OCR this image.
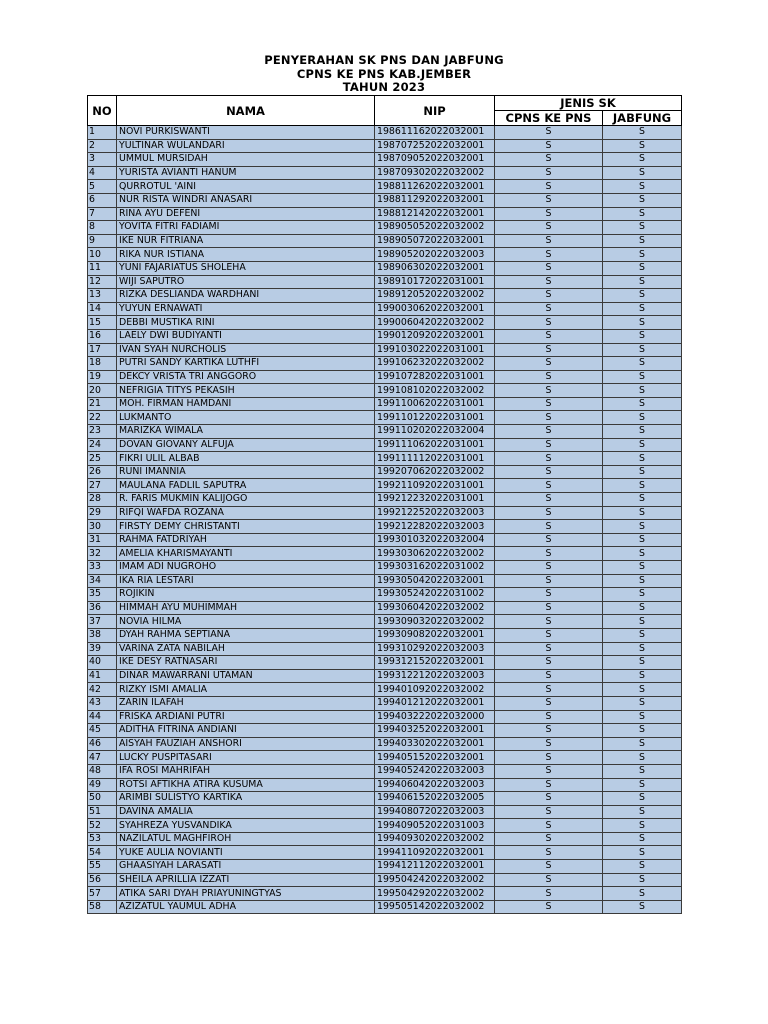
PENYERAHAN SK PNS DAN JABFUNG
CPNS KE PNS KAB.JEMBER
TAHUN 2023
NO	NAMA	NIP	JENIS SK	
			CPNS KE PNS	JABFUNG
1	NOVI PURKISWANTI	198611162022032001	S	S
2	YULTINAR WULANDARI	198707252022032001	S	S
3	UMMUL MURSIDAH	198709052022032001	S	S
4	YURISTA AVIANTI HANUM	198709302022032002	S	S
5	QURROTUL 'AINI	198811262022032001	S	S
6	NUR RISTA WINDRI ANASARI	198811292022032001	S	S
7	RINA AYU DEFENI	198812142022032001	S	S
8	YOVITA FITRI FADIAMI	198905052022032002	S	S
9	IKE NUR FITRIANA	198905072022032001	S	S
10	RIKA NUR ISTIANA	198905202022032003	S	S
11	YUNI FAJARIATUS SHOLEHA	198906302022032001	S	S
12	WIJI SAPUTRO	198910172022031001	S	S
13	RIZKA DESLIANDA WARDHANI	198912052022032002	S	S
14	YUYUN ERNAWATI	199003062022032001	S	S
15	DEBBI MUSTIKA RINI	199006042022032002	S	S
16	LAELY DWI BUDIYANTI	199012092022032001	S	S
17	IVAN SYAH NURCHOLIS	199103022022031001	S	S
18	PUTRI SANDY KARTIKA LUTHFI	199106232022032002	S	S
19	DEKCY VRISTA TRI ANGGORO	199107282022031001	S	S
20	NEFRIGIA TITYS PEKASIH	199108102022032002	S	S
21	MOH. FIRMAN HAMDANI	199110062022031001	S	S
22	LUKMANTO	199110122022031001	S	S
23	MARIZKA WIMALA	199110202022032004	S	S
24	DOVAN GIOVANY ALFUJA	199111062022031001	S	S
25	FIKRI ULIL ALBAB	199111112022031001	S	S
26	RUNI IMANNIA	199207062022032002	S	S
27	MAULANA FADLIL SAPUTRA	199211092022031001	S	S
28	R. FARIS MUKMIN KALIJOGO	199212232022031001	S	S
29	RIFQI WAFDA ROZANA	199212252022032003	S	S
30	FIRSTY DEMY CHRISTANTI	199212282022032003	S	S
31	RAHMA FATDRIYAH	199301032022032004	S	S
32	AMELIA KHARISMAYANTI	199303062022032002	S	S
33	IMAM ADI NUGROHO	199303162022031002	S	S
34	IKA RIA LESTARI	199305042022032001	S	S
35	ROJIKIN	199305242022031002	S	S
36	HIMMAH AYU MUHIMMAH	199306042022032002	S	S
37	NOVIA HILMA	199309032022032002	S	S
38	DYAH RAHMA SEPTIANA	199309082022032001	S	S
39	VARINA ZATA NABILAH	199310292022032003	S	S
40	IKE DESY RATNASARI	199312152022032001	S	S
41	DINAR MAWARRANI UTAMAN	199312212022032003	S	S
42	RIZKY ISMI AMALIA	199401092022032002	S	S
43	ZARIN ILAFAH	199401212022032001	S	S
44	FRISKA ARDIANI PUTRI	199403222022032000	S	S
45	ADITHA FITRINA ANDIANI	199403252022032001	S	S
46	AISYAH FAUZIAH ANSHORI	199403302022032001	S	S
47	LUCKY PUSPITASARI	199405152022032001	S	S
48	IFA ROSI MAHRIFAH	199405242022032003	S	S
49	ROTSI AFTIKHA ATIRA KUSUMA	199406042022032003	S	S
50	ARIMBI SULISTYO KARTIKA	199406152022032005	S	S
51	DAVINA AMALIA	199408072022032003	S	S
52	SYAHREZA YUSVANDIKA	199409052022031003	S	S
53	NAZILATUL MAGHFIROH	199409302022032002	S	S
54	YUKE AULIA NOVIANTI	199411092022032001	S	S
55	GHAASIYAH LARASATI	199412112022032001	S	S
56	SHEILA APRILLIA IZZATI	199504242022032002	S	S
57	ATIKA SARI DYAH PRIAYUNINGTYAS	199504292022032002	S	S
58	AZIZATUL YAUMUL ADHA	199505142022032002	S	S
